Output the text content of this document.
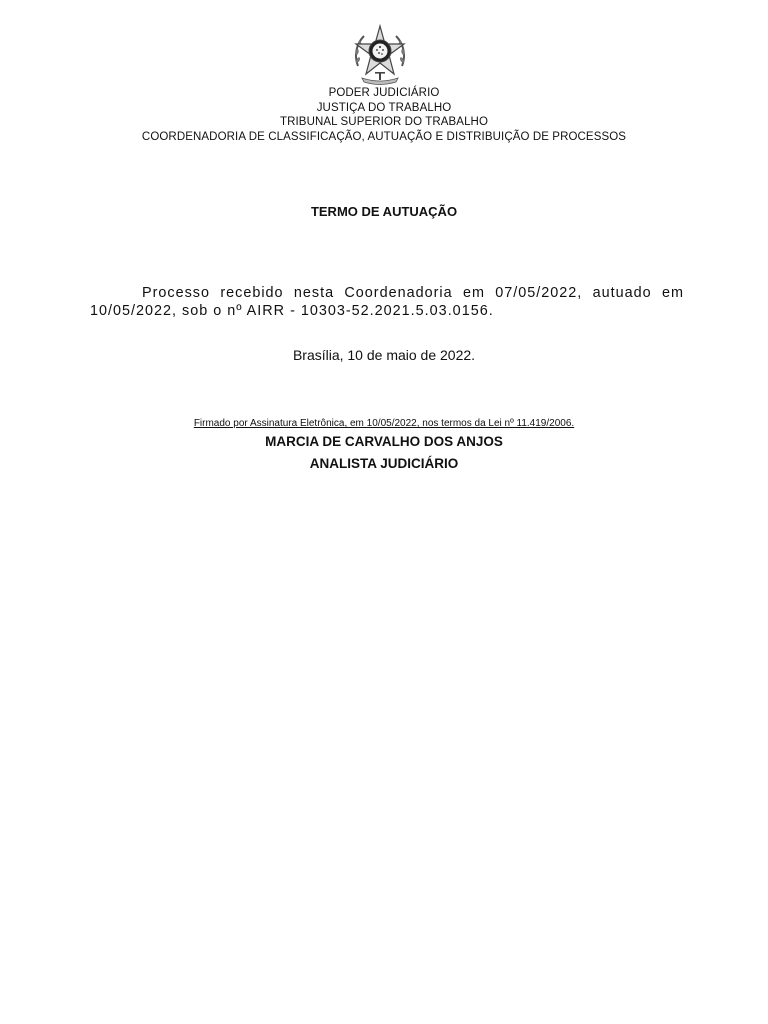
PODER JUDICIÁRIO
JUSTIÇA DO TRABALHO
TRIBUNAL SUPERIOR DO TRABALHO
COORDENADORIA DE CLASSIFICAÇÃO, AUTUAÇÃO E DISTRIBUIÇÃO DE PROCESSOS
TERMO DE AUTUAÇÃO
Processo recebido nesta Coordenadoria em 07/05/2022, autuado em 10/05/2022, sob o nº AIRR - 10303-52.2021.5.03.0156.
Brasília, 10 de maio de 2022.
Firmado por Assinatura Eletrônica, em 10/05/2022, nos termos da Lei nº 11.419/2006.
MARCIA DE CARVALHO DOS ANJOS
ANALISTA JUDICIÁRIO
